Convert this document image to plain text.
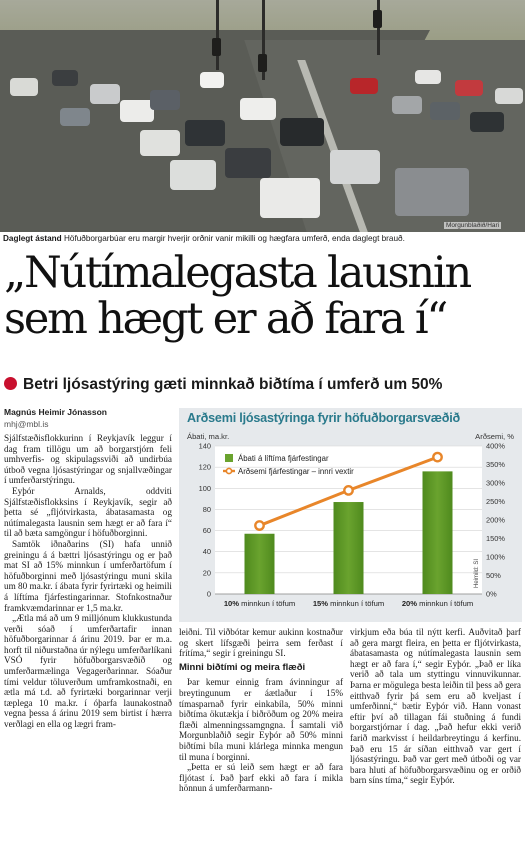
Morgunblaðið/Hari
Daglegt ástand Höfuðborgarbúar eru margir hverjir orðnir vanir mikilli og hægfara umferð, enda daglegt brauð.
„Nútímalegasta lausnin
sem hægt er að fara í“
Betri ljósastýring gæti minnkað biðtíma í umferð um 50%
Magnús Heimir Jónasson
mhj@mbl.is

Sjálfstæðisflokkurinn í Reykjavík leggur í dag fram tillögu um að borgarstjórn feli umhverfis- og skipulagssviði að undirbúa útboð vegna ljósastýringar og snjallvæðingar í umferðarstýringu.

Eyþór Arnalds, oddviti Sjálfstæðisflokksins í Reykjavík, segir að þetta sé „fljótvirkasta, ábatasamasta og nútímalegasta lausnin sem hægt er að fara í“ til að bæta samgöngur í höfuðborginni.

Samtök iðnaðarins (SI) hafa unnið greiningu á á bættri ljósastýringu og er það mat SI að 15% minnkun í umferðartöfum í höfuðborginni með ljósastýringu muni skila um 80 ma.kr. í ábata fyrir fyrirtæki og heimili á líftíma fjárfestingarinnar. Stofnkostnaður framkvæmdarinnar er 1,5 ma.kr.

„Ætla má að um 9 milljónum klukkustunda verði sóað í umferðartafir innan höfuðborgarinnar á árinu 2019. Þar er m.a. horft til niðurstaðna úr nýlegu umferðarlíkani VSÓ fyrir höfuðborgarsvæðið og umferðarmælinga Vegagerðarinnar. Sóaður tími veldur töluverðum umframkostnaði, en ætla má t.d. að fyrirtæki borgarinnar verji tæplega 10 ma.kr. í óþarfa launakostnað vegna þessa á árinu 2019 sem birtist í hærra verðlagi en ella og lægri fram-

Arðsemi ljósastýringa fyrir höfuðborgarsvæðið
Ábati, ma.kr.	Arðsemi, %
0
20
40
60
80
100
120
140
0%
50%
100%
150%
200%
250%
300%
350%
400%
10% minnkun í töfum 15% minnkun í töfum 20% minnkun í töfum
Ábati á líftíma fjárfestingar
Arðsemi fjárfestingar – innri vextir
Heimild: SI

leiðni. Til viðbótar kemur aukinn kostnaður og skert lífsgæði þeirra sem ferðast í frítíma,“ segir í greiningu SI.

Minni biðtími og meira flæði

Þar kemur einnig fram ávinningur af breytingunum er áætlaður í 15% tímasparnað fyrir einkabíla, 50% minni biðtíma ökutækja í biðröðum og 20% meira flæði almenningssamgngna. Í samtali við Morgunblaðið segir Eyþór að 50% minni biðtími bíla muni klárlega minnka mengun til muna í borginni.

„Þetta er sú leið sem hægt er að fara fljótast í. Það þarf ekki að fara í mikla hönnun á umferðarmann-

virkjum eða búa til nýtt kerfi. Auðvitað þarf að gera margt fleira, en þetta er fljótvirkasta, ábatasamasta og nútímalegasta lausnin sem hægt er að fara í,“ segir Eyþór. „Það er líka verið að tala um styttingu vinnuvikunnar. Þarna er mögulega besta leiðin til þess að gera eitthvað fyrir þá sem eru að kveljast í umferðinni,“ bætir Eyþór við. Hann vonast eftir því að tillagan fái stuðning á fundi borgarstjórnar í dag. „Það hefur ekki verið farið markvisst í heildarbreytingu á kerfinu. Það eru 15 ár síðan eitthvað var gert í ljósastýringu. Það var gert með útboði og var bara hluti af höfuðborgarsvæðinu og er orðið barn síns tíma,“ segir Eyþór.
